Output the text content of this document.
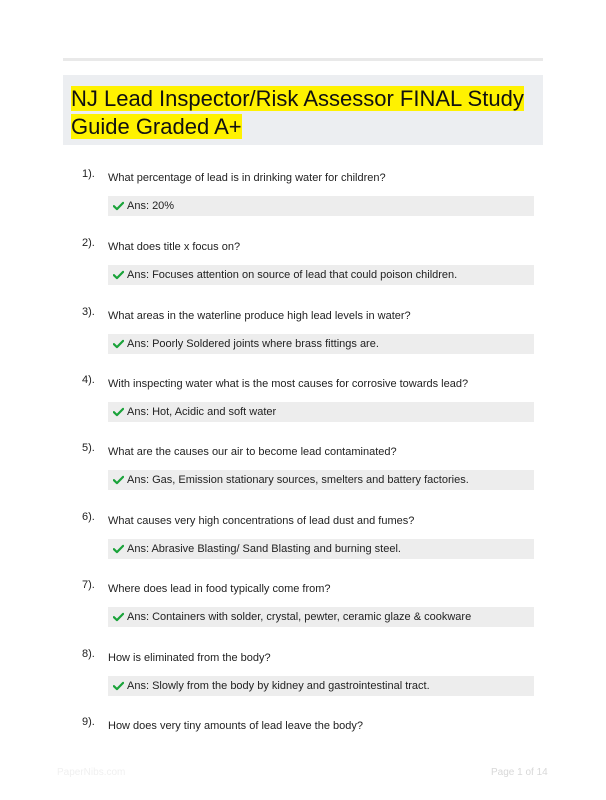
NJ Lead Inspector/Risk Assessor FINAL Study
Guide Graded A+
1). What percentage of lead is in drinking water for children?
Ans: 20%
2). What does title x focus on?
Ans: Focuses attention on source of lead that could poison children.
3). What areas in the waterline produce high lead levels in water?
Ans: Poorly Soldered joints where brass fittings are.
4). With inspecting water what is the most causes for corrosive towards lead?
Ans: Hot, Acidic and soft water
5). What are the causes our air to become lead contaminated?
Ans: Gas, Emission stationary sources, smelters and battery factories.
6). What causes very high concentrations of lead dust and fumes?
Ans: Abrasive Blasting/ Sand Blasting and burning steel.
7). Where does lead in food typically come from?
Ans: Containers with solder, crystal, pewter, ceramic glaze & cookware
8). How is eliminated from the body?
Ans: Slowly from the body by kidney and gastrointestinal tract.
9). How does very tiny amounts of lead leave the body?
PaperNibs.com	Page 1 of 14
